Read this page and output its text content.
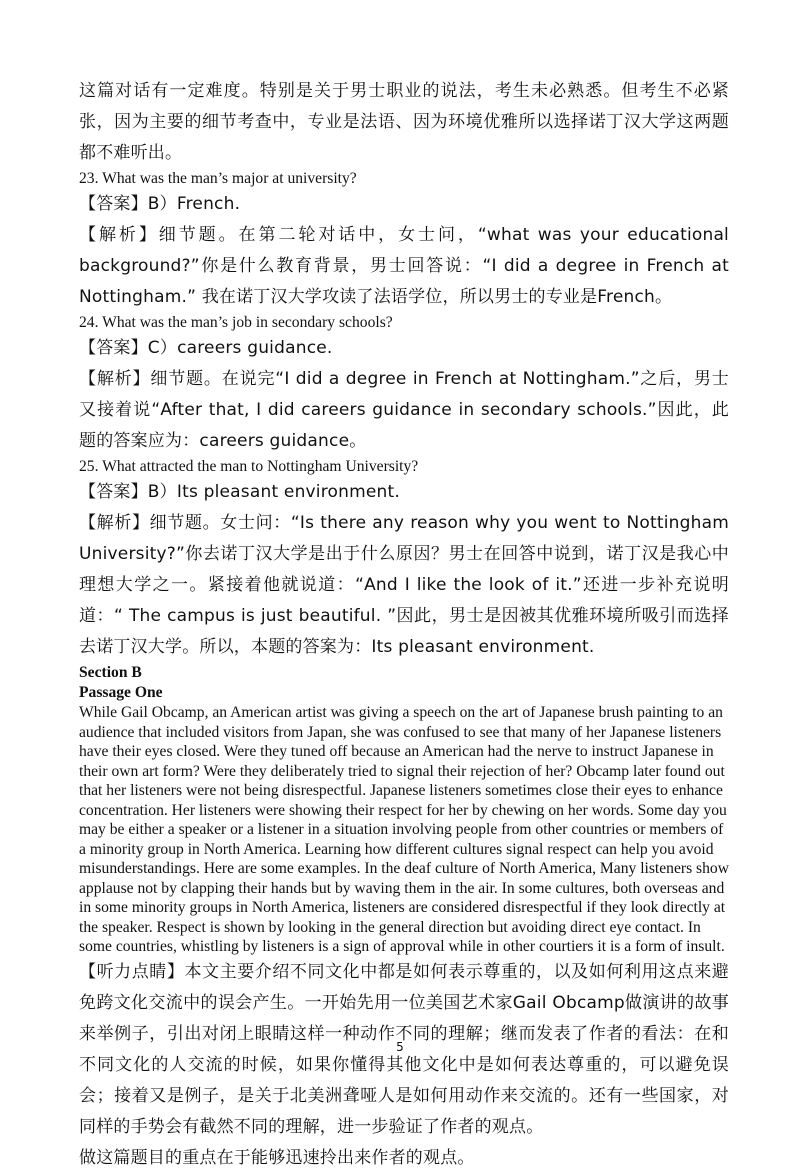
这篇对话有一定难度。特别是关于男士职业的说法，考生未必熟悉。但考生不必紧张，因为主要的细节考查中，专业是法语、因为环境优雅所以选择诺丁汉大学这两题都不难听出。

23. What was the man’s major at university?

【答案】B）French.

【解析】细节题。在第二轮对话中，女士问，“what was your educational background?”你是什么教育背景，男士回答说：“I did a degree in French at Nottingham.” 我在诺丁汉大学攻读了法语学位，所以男士的专业是French。

24. What was the man’s job in secondary schools?

【答案】C）careers guidance.

【解析】细节题。在说完“I did a degree in French at Nottingham.”之后，男士又接着说“After that, I did careers guidance in secondary schools.”因此，此题的答案应为：careers guidance。

25. What attracted the man to Nottingham University?

【答案】B）Its pleasant environment.

【解析】细节题。女士问：“Is there any reason why you went to Nottingham University?”你去诺丁汉大学是出于什么原因？男士在回答中说到，诺丁汉是我心中理想大学之一。紧接着他就说道：“And I like the look of it.”还进一步补充说明道：“ The campus is just beautiful. ”因此，男士是因被其优雅环境所吸引而选择去诺丁汉大学。所以，本题的答案为：Its pleasant environment.

Section B

Passage One

While Gail Obcamp, an American artist was giving a speech on the art of Japanese brush painting to an audience that included visitors from Japan, she was confused to see that many of her Japanese listeners have their eyes closed. Were they tuned off because an American had the nerve to instruct Japanese in their own art form? Were they deliberately tried to signal their rejection of her? Obcamp later found out that her listeners were not being disrespectful. Japanese listeners sometimes close their eyes to enhance concentration. Her listeners were showing their respect for her by chewing on her words. Some day you may be either a speaker or a listener in a situation involving people from other countries or members of a minority group in North America. Learning how different cultures signal respect can help you avoid misunderstandings. Here are some examples. In the deaf culture of North America, Many listeners show applause not by clapping their hands but by waving them in the air. In some cultures, both overseas and in some minority groups in North America, listeners are considered disrespectful if they look directly at the speaker. Respect is shown by looking in the general direction but avoiding direct eye contact. In some countries, whistling by listeners is a sign of approval while in other courtiers it is a form of insult.

【听力点睛】本文主要介绍不同文化中都是如何表示尊重的，以及如何利用这点来避免跨文化交流中的误会产生。一开始先用一位美国艺术家Gail Obcamp做演讲的故事来举例子，引出对闭上眼睛这样一种动作不同的理解；继而发表了作者的看法：在和不同文化的人交流的时候，如果你懂得其他文化中是如何表达尊重的，可以避免误会；接着又是例子，是关于北美洲聋哑人是如何用动作来交流的。还有一些国家，对同样的手势会有截然不同的理解，进一步验证了作者的观点。

做这篇题目的重点在于能够迅速拎出来作者的观点。

5
